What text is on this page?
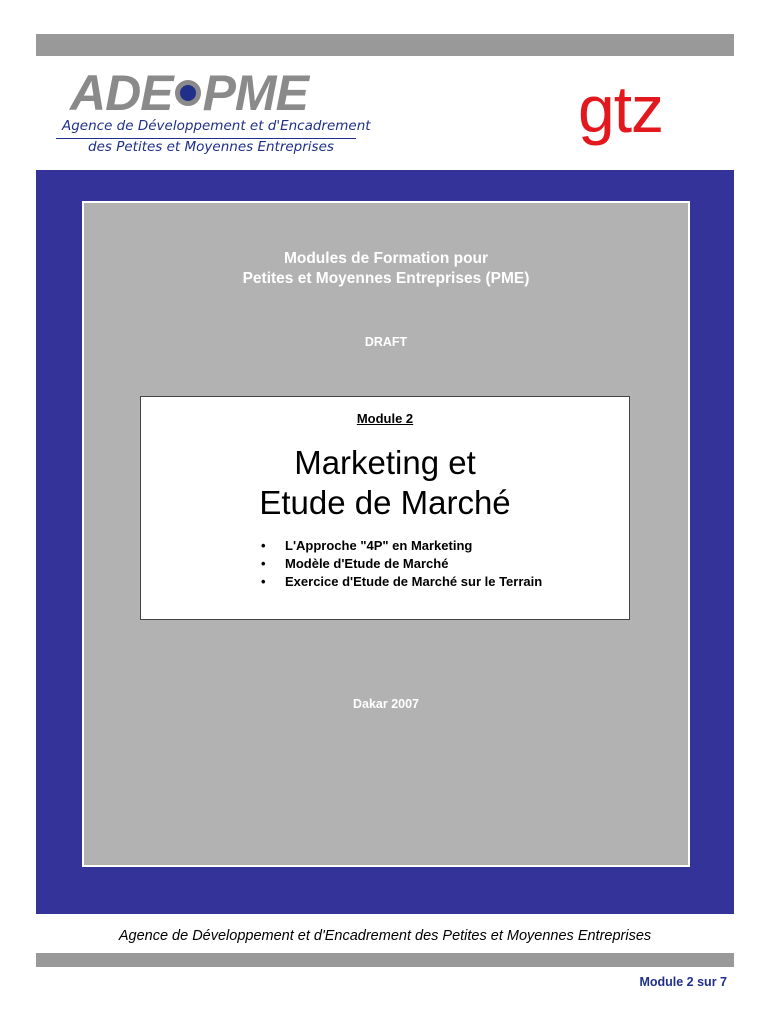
ADE PME
Agence de Développement et d'Encadrement
des Petites et Moyennes Entreprises
gtz
Modules de Formation pour
Petites et Moyennes Entreprises (PME)
DRAFT
Module 2
Marketing et
Etude de Marché
• L'Approche "4P" en Marketing
• Modèle d'Etude de Marché
• Exercice d'Etude de Marché sur le Terrain
Dakar 2007
Agence de Développement et d'Encadrement des Petites et Moyennes Entreprises
Module 2 sur 7
